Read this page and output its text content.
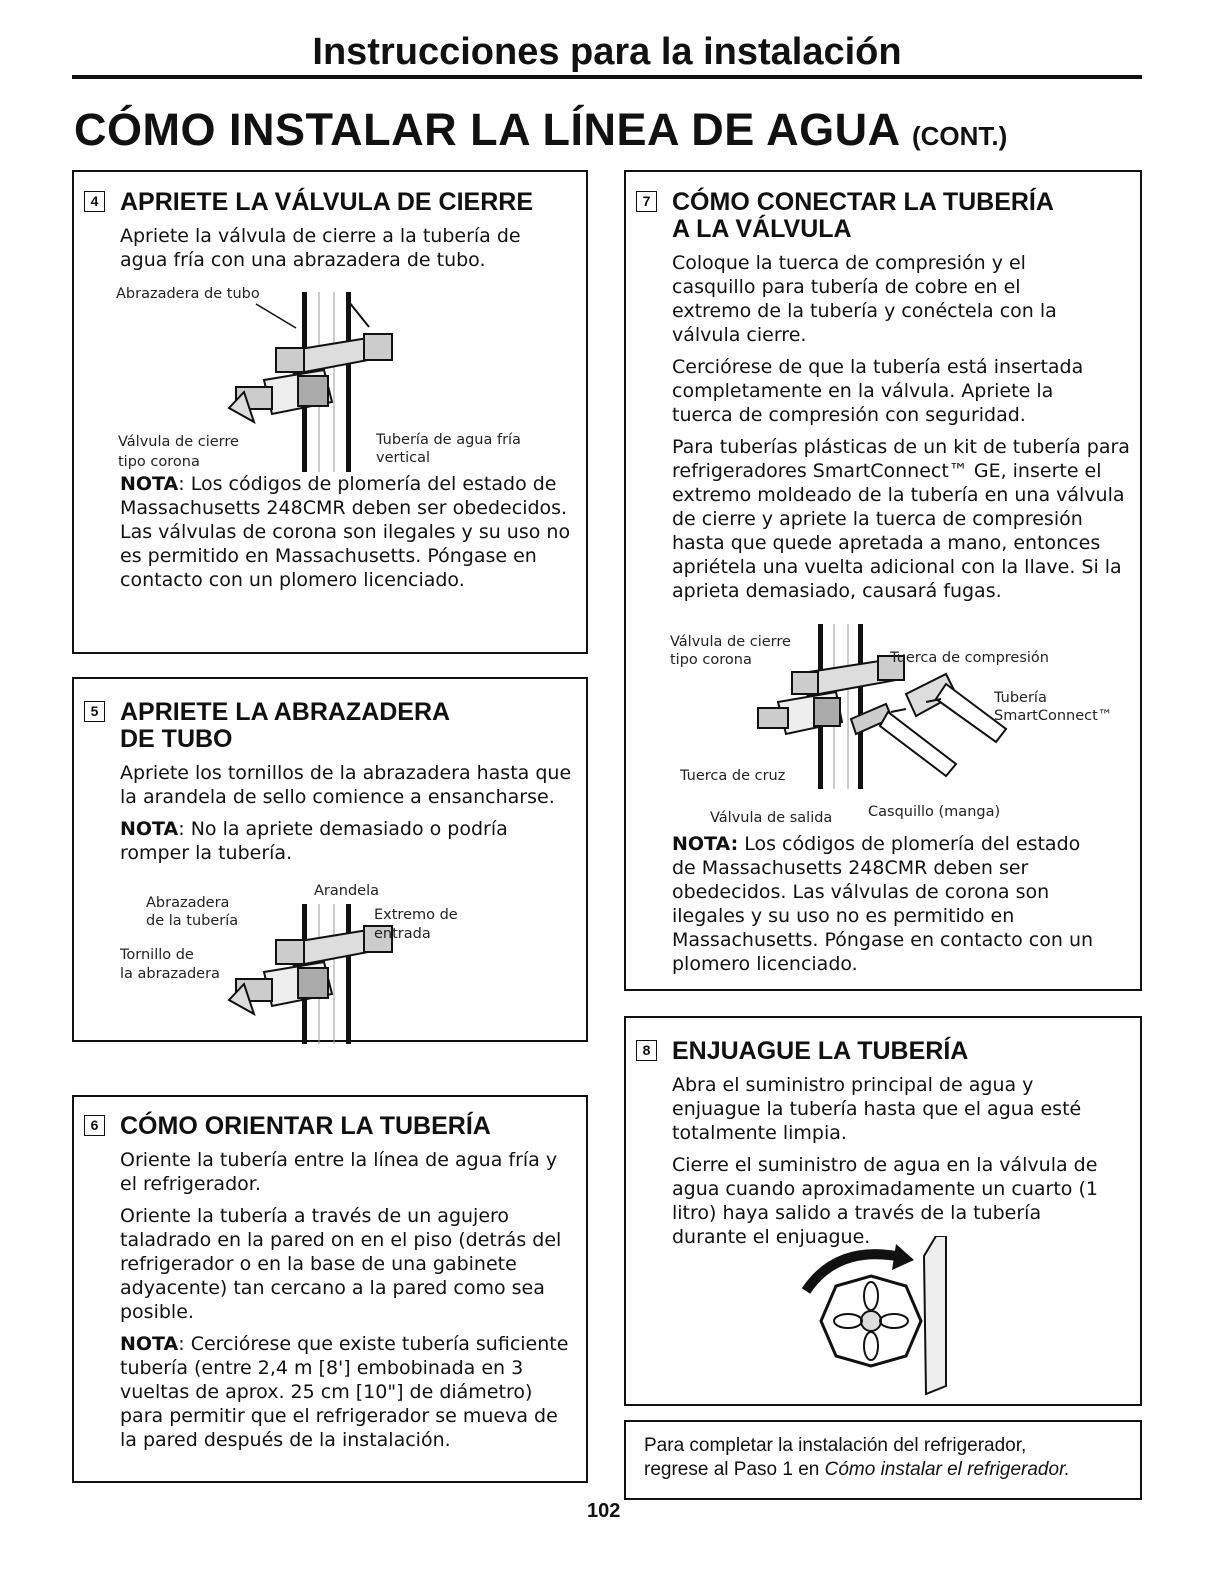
Instrucciones para la instalación
CÓMO INSTALAR LA LÍNEA DE AGUA (CONT.)
4 APRIETE LA VÁLVULA DE CIERRE

Apriete la válvula de cierre a la tubería de agua fría con una abrazadera de tubo.

Abrazadera de tubo
Válvula de cierre
tipo corona
Tubería de agua fría
vertical

NOTA: Los códigos de plomería del estado de Massachusetts 248CMR deben ser obedecidos. Las válvulas de corona son ilegales y su uso no es permitido en Massachusetts. Póngase en contacto con un plomero licenciado.

5 APRIETE LA ABRAZADERA
DE TUBO

Apriete los tornillos de la abrazadera hasta que la arandela de sello comience a ensancharse.

NOTA: No la apriete demasiado o podría romper la tubería.

Arandela
Abrazadera
de la tubería	Extremo de
entrada
Tornillo de
la abrazadera
6 CÓMO ORIENTAR LA TUBERÍA

Oriente la tubería entre la línea de agua fría y el refrigerador.

Oriente la tubería a través de un agujero taladrado en la pared on en el piso (detrás del refrigerador o en la base de una gabinete adyacente) tan cercano a la pared como sea posible.

NOTA: Cerciórese que existe tubería suficiente tubería (entre 2,4 m [8'] embobinada en 3 vueltas de aprox. 25 cm [10"] de diámetro) para permitir que el refrigerador se mueva de la pared después de la instalación.

7 CÓMO CONECTAR LA TUBERÍA
A LA VÁLVULA

Coloque la tuerca de compresión y el casquillo para tubería de cobre en el extremo de la tubería y conéctela con la válvula cierre.

Cerciórese de que la tubería está insertada completamente en la válvula. Apriete la tuerca de compresión con seguridad.

Para tuberías plásticas de un kit de tubería para refrigeradores SmartConnect™ GE, inserte el extremo moldeado de la tubería en una válvula de cierre y apriete la tuerca de compresión hasta que quede apretada a mano, entonces apriétela una vuelta adicional con la llave. Si la aprieta demasiado, causará fugas.

Válvula de cierre
tipo corona	Tuerca de compresión
Tubería
SmartConnect™
Tuerca de cruz
Válvula de salida Casquillo (manga)

NOTA: Los códigos de plomería del estado de Massachusetts 248CMR deben ser obedecidos. Las válvulas de corona son ilegales y su uso no es permitido en Massachusetts. Póngase en contacto con un plomero licenciado.

8 ENJUAGUE LA TUBERÍA

Abra el suministro principal de agua y enjuague la tubería hasta que el agua esté totalmente limpia.

Cierre el suministro de agua en la válvula de agua cuando aproximadamente un cuarto (1 litro) haya salido a través de la tubería durante el enjuague.

Para completar la instalación del refrigerador,
regrese al Paso 1 en Cómo instalar el refrigerador.

102
